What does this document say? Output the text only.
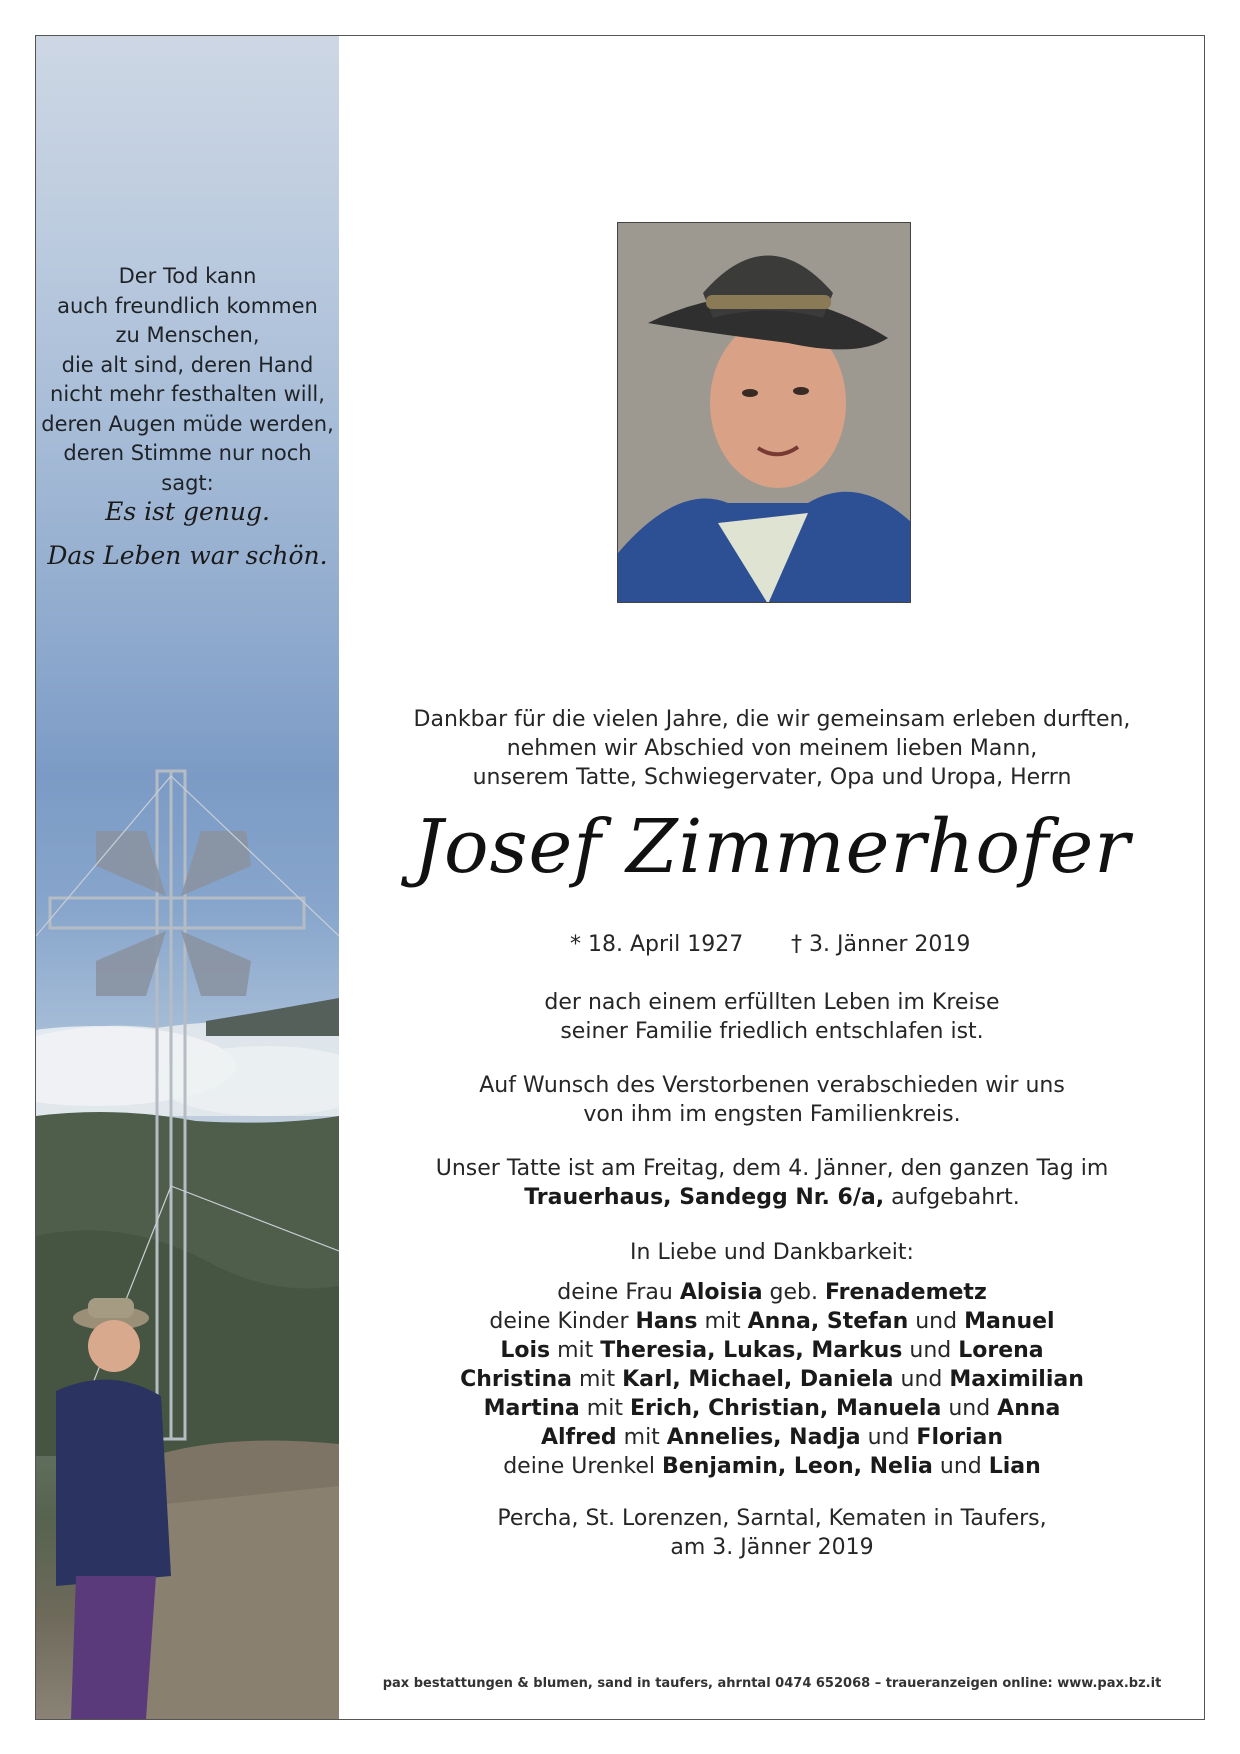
Der Tod kann
auch freundlich kommen
zu Menschen,
die alt sind, deren Hand
nicht mehr festhalten will,
deren Augen müde werden,
deren Stimme nur noch sagt:
Es ist genug.
Das Leben war schön.
Dankbar für die vielen Jahre, die wir gemeinsam erleben durften,
nehmen wir Abschied von meinem lieben Mann,
unserem Tatte, Schwiegervater, Opa und Uropa, Herrn
Josef Zimmerhofer
* 18. April 1927 † 3. Jänner 2019
der nach einem erfüllten Leben im Kreise
seiner Familie friedlich entschlafen ist.
Auf Wunsch des Verstorbenen verabschieden wir uns
von ihm im engsten Familienkreis.
Unser Tatte ist am Freitag, dem 4. Jänner, den ganzen Tag im
Trauerhaus, Sandegg Nr. 6/a, aufgebahrt.
In Liebe und Dankbarkeit:
deine Frau Aloisia geb. Frenademetz
deine Kinder Hans mit Anna, Stefan und Manuel
Lois mit Theresia, Lukas, Markus und Lorena
Christina mit Karl, Michael, Daniela und Maximilian
Martina mit Erich, Christian, Manuela und Anna
Alfred mit Annelies, Nadja und Florian
deine Urenkel Benjamin, Leon, Nelia und Lian
Percha, St. Lorenzen, Sarntal, Kematen in Taufers,
am 3. Jänner 2019
pax bestattungen & blumen, sand in taufers, ahrntal 0474 652068 – traueranzeigen online: www.pax.bz.it
